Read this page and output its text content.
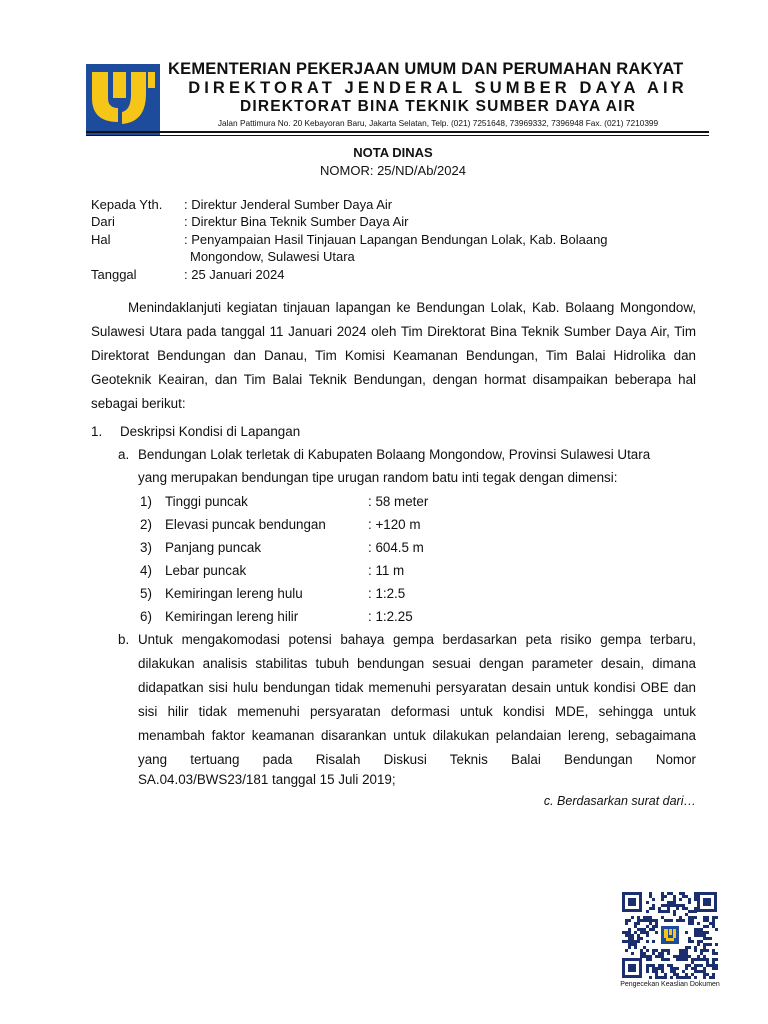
KEMENTERIAN PEKERJAAN UMUM DAN PERUMAHAN RAKYAT
DIREKTORAT JENDERAL SUMBER DAYA AIR
DIREKTORAT BINA TEKNIK SUMBER DAYA AIR
Jalan Pattimura No. 20 Kebayoran Baru, Jakarta Selatan, Telp. (021) 7251648, 73969332, 7396948 Fax. (021) 7210399
NOTA DINAS
NOMOR: 25/ND/Ab/2024
Kepada Yth. : Direktur Jenderal Sumber Daya Air
Dari	: Direktur Bina Teknik Sumber Daya Air
Hal	: Penyampaian Hasil Tinjauan Lapangan Bendungan Lolak, Kab. Bolaang
Mongondow, Sulawesi Utara
Tanggal	: 25 Januari 2024
Menindaklanjuti kegiatan tinjauan lapangan ke Bendungan Lolak, Kab. Bolaang Mongondow, Sulawesi Utara pada tanggal 11 Januari 2024 oleh Tim Direktorat Bina Teknik Sumber Daya Air, Tim Direktorat Bendungan dan Danau, Tim Komisi Keamanan Bendungan, Tim Balai Hidrolika dan Geoteknik Keairan, dan Tim Balai Teknik Bendungan, dengan hormat disampaikan beberapa hal sebagai berikut:
1. Deskripsi Kondisi di Lapangan
a. Bendungan Lolak terletak di Kabupaten Bolaang Mongondow, Provinsi Sulawesi Utara
yang merupakan bendungan tipe urugan random batu inti tegak dengan dimensi:
1) Tinggi puncak	: 58 meter
2) Elevasi puncak bendungan	: +120 m
3) Panjang puncak	: 604.5 m
4) Lebar puncak	: 11 m
5) Kemiringan lereng hulu	: 1:2.5
6) Kemiringan lereng hilir	: 1:2.25
b. Untuk mengakomodasi potensi bahaya gempa berdasarkan peta risiko gempa terbaru, dilakukan analisis stabilitas tubuh bendungan sesuai dengan parameter desain, dimana didapatkan sisi hulu bendungan tidak memenuhi persyaratan desain untuk kondisi OBE dan sisi hilir tidak memenuhi persyaratan deformasi untuk kondisi MDE, sehingga untuk menambah faktor keamanan disarankan untuk dilakukan pelandaian lereng, sebagaimana yang tertuang pada Risalah Diskusi Teknis Balai Bendungan Nomor
SA.04.03/BWS23/181 tanggal 15 Juli 2019;
c. Berdasarkan surat dari…
Pengecekan Keaslian Dokumen
